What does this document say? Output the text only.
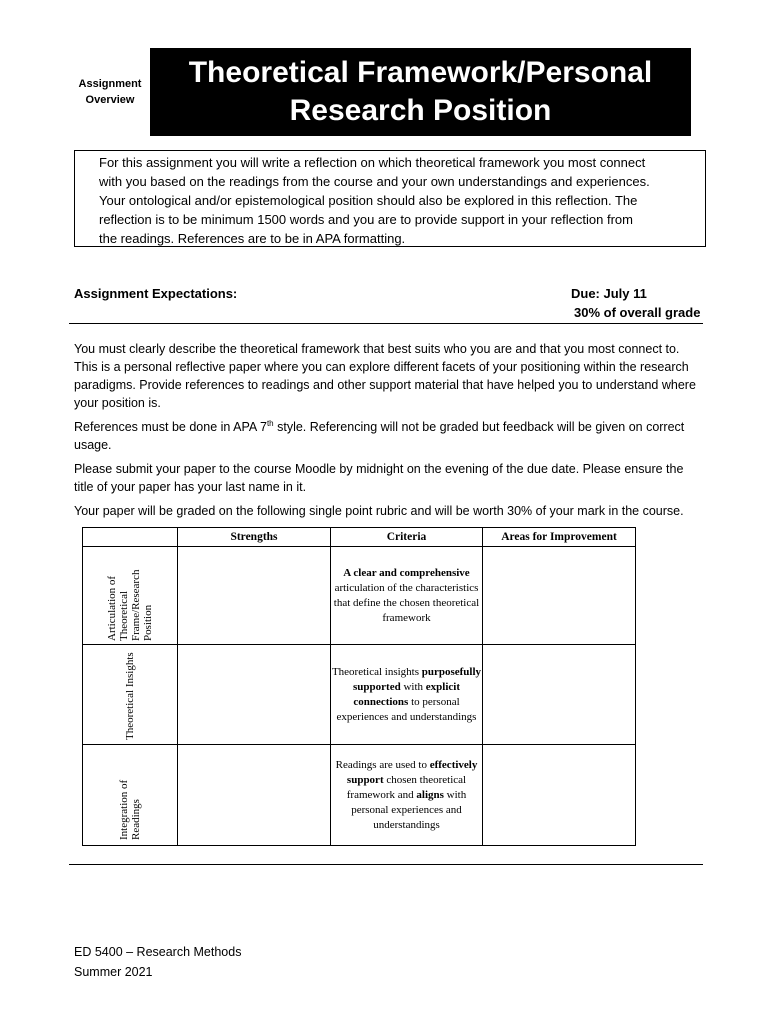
Assignment
Overview
Theoretical Framework/Personal
Research Position
For this assignment you will write a reflection on which theoretical framework you most connect
with you based on the readings from the course and your own understandings and experiences.
Your ontological and/or epistemological position should also be explored in this reflection. The
reflection is to be minimum 1500 words and you are to provide support in your reflection from
the readings. References are to be in APA formatting.
Assignment Expectations:	Due: July 11
30% of overall grade

You must clearly describe the theoretical framework that best suits who you are and that you most connect to. This is a personal reflective paper where you can explore different facets of your positioning within the research paradigms. Provide references to readings and other support material that have helped you to understand where your position is.

References must be done in APA 7th style. Referencing will not be graded but feedback will be given on correct usage.

Please submit your paper to the course Moodle by midnight on the evening of the due date. Please ensure the title of your paper has your last name in it.

Your paper will be graded on the following single point rubric and will be worth 30% of your mark in the course.

	Strengths	Criteria	Areas for Improvement

Articulation of Theoretical Frame/Research Position		A clear and comprehensive articulation of the characteristics that define the chosen theoretical framework	

Theoretical Insights		Theoretical insights purposefully supported with explicit connections to personal experiences and understandings	

Integration of Readings		Readings are used to effectively support chosen theoretical framework and aligns with personal experiences and understandings	
ED 5400 – Research Methods
Summer 2021
